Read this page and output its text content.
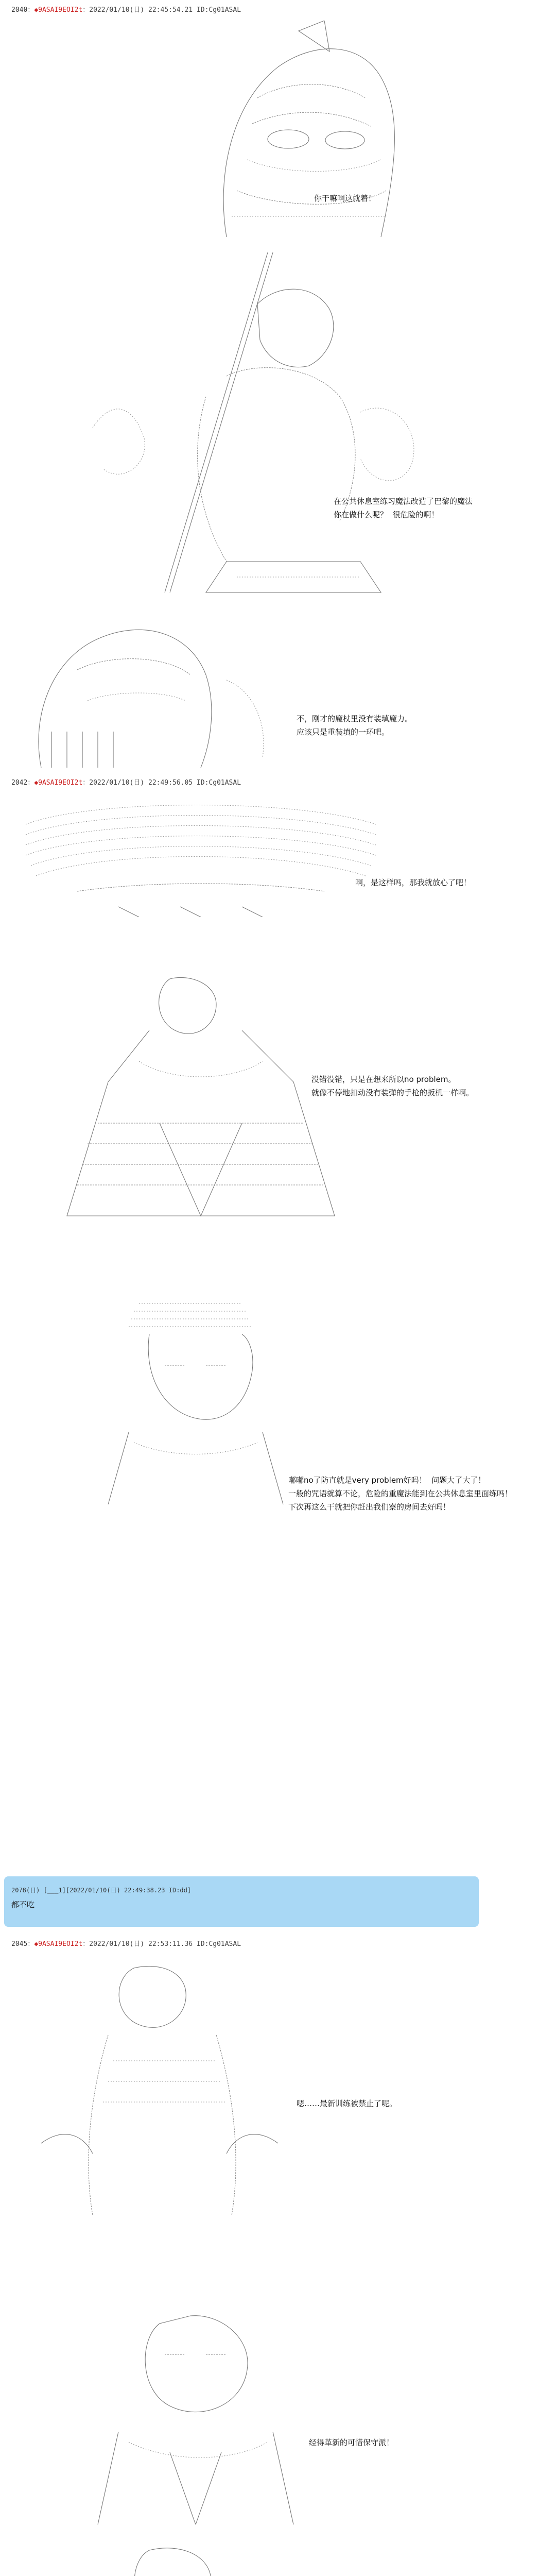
2040：◆9ASAI9EOI2t：2022/01/10(日) 22:45:54.21 ID:Cg01ASAL
你干嘛啊这就着！
在公共休息室练习魔法改造了巴黎的魔法
你在做什么呢？  很危险的啊！
不，刚才的魔杖里没有装填魔力。
应该只是重装填的一环吧。
2042：◆9ASAI9EOI2t：2022/01/10(日) 22:49:56.05 ID:Cg01ASAL
啊，是这样吗，那我就放心了吧！
没错没错，只是在想来所以no problem。
就像不停地扣动没有装弹的手枪的扳机一样啊。
嘟嘟no了防直就是very problem好吗！  问题大了大了！
一般的咒语就算不论，危险的重魔法能到在公共休息室里面练吗！
下次再这么干就把你赶出我们寮的房间去好吗！
2078(日) [___1][2022/01/10(日) 22:49:38.23 ID:dd]
都不吃
2045：◆9ASAI9EOI2t：2022/01/10(日) 22:53:11.36 ID:Cg01ASAL
嗯……最新训练被禁止了呢。
经得革新的可惜保守派！
